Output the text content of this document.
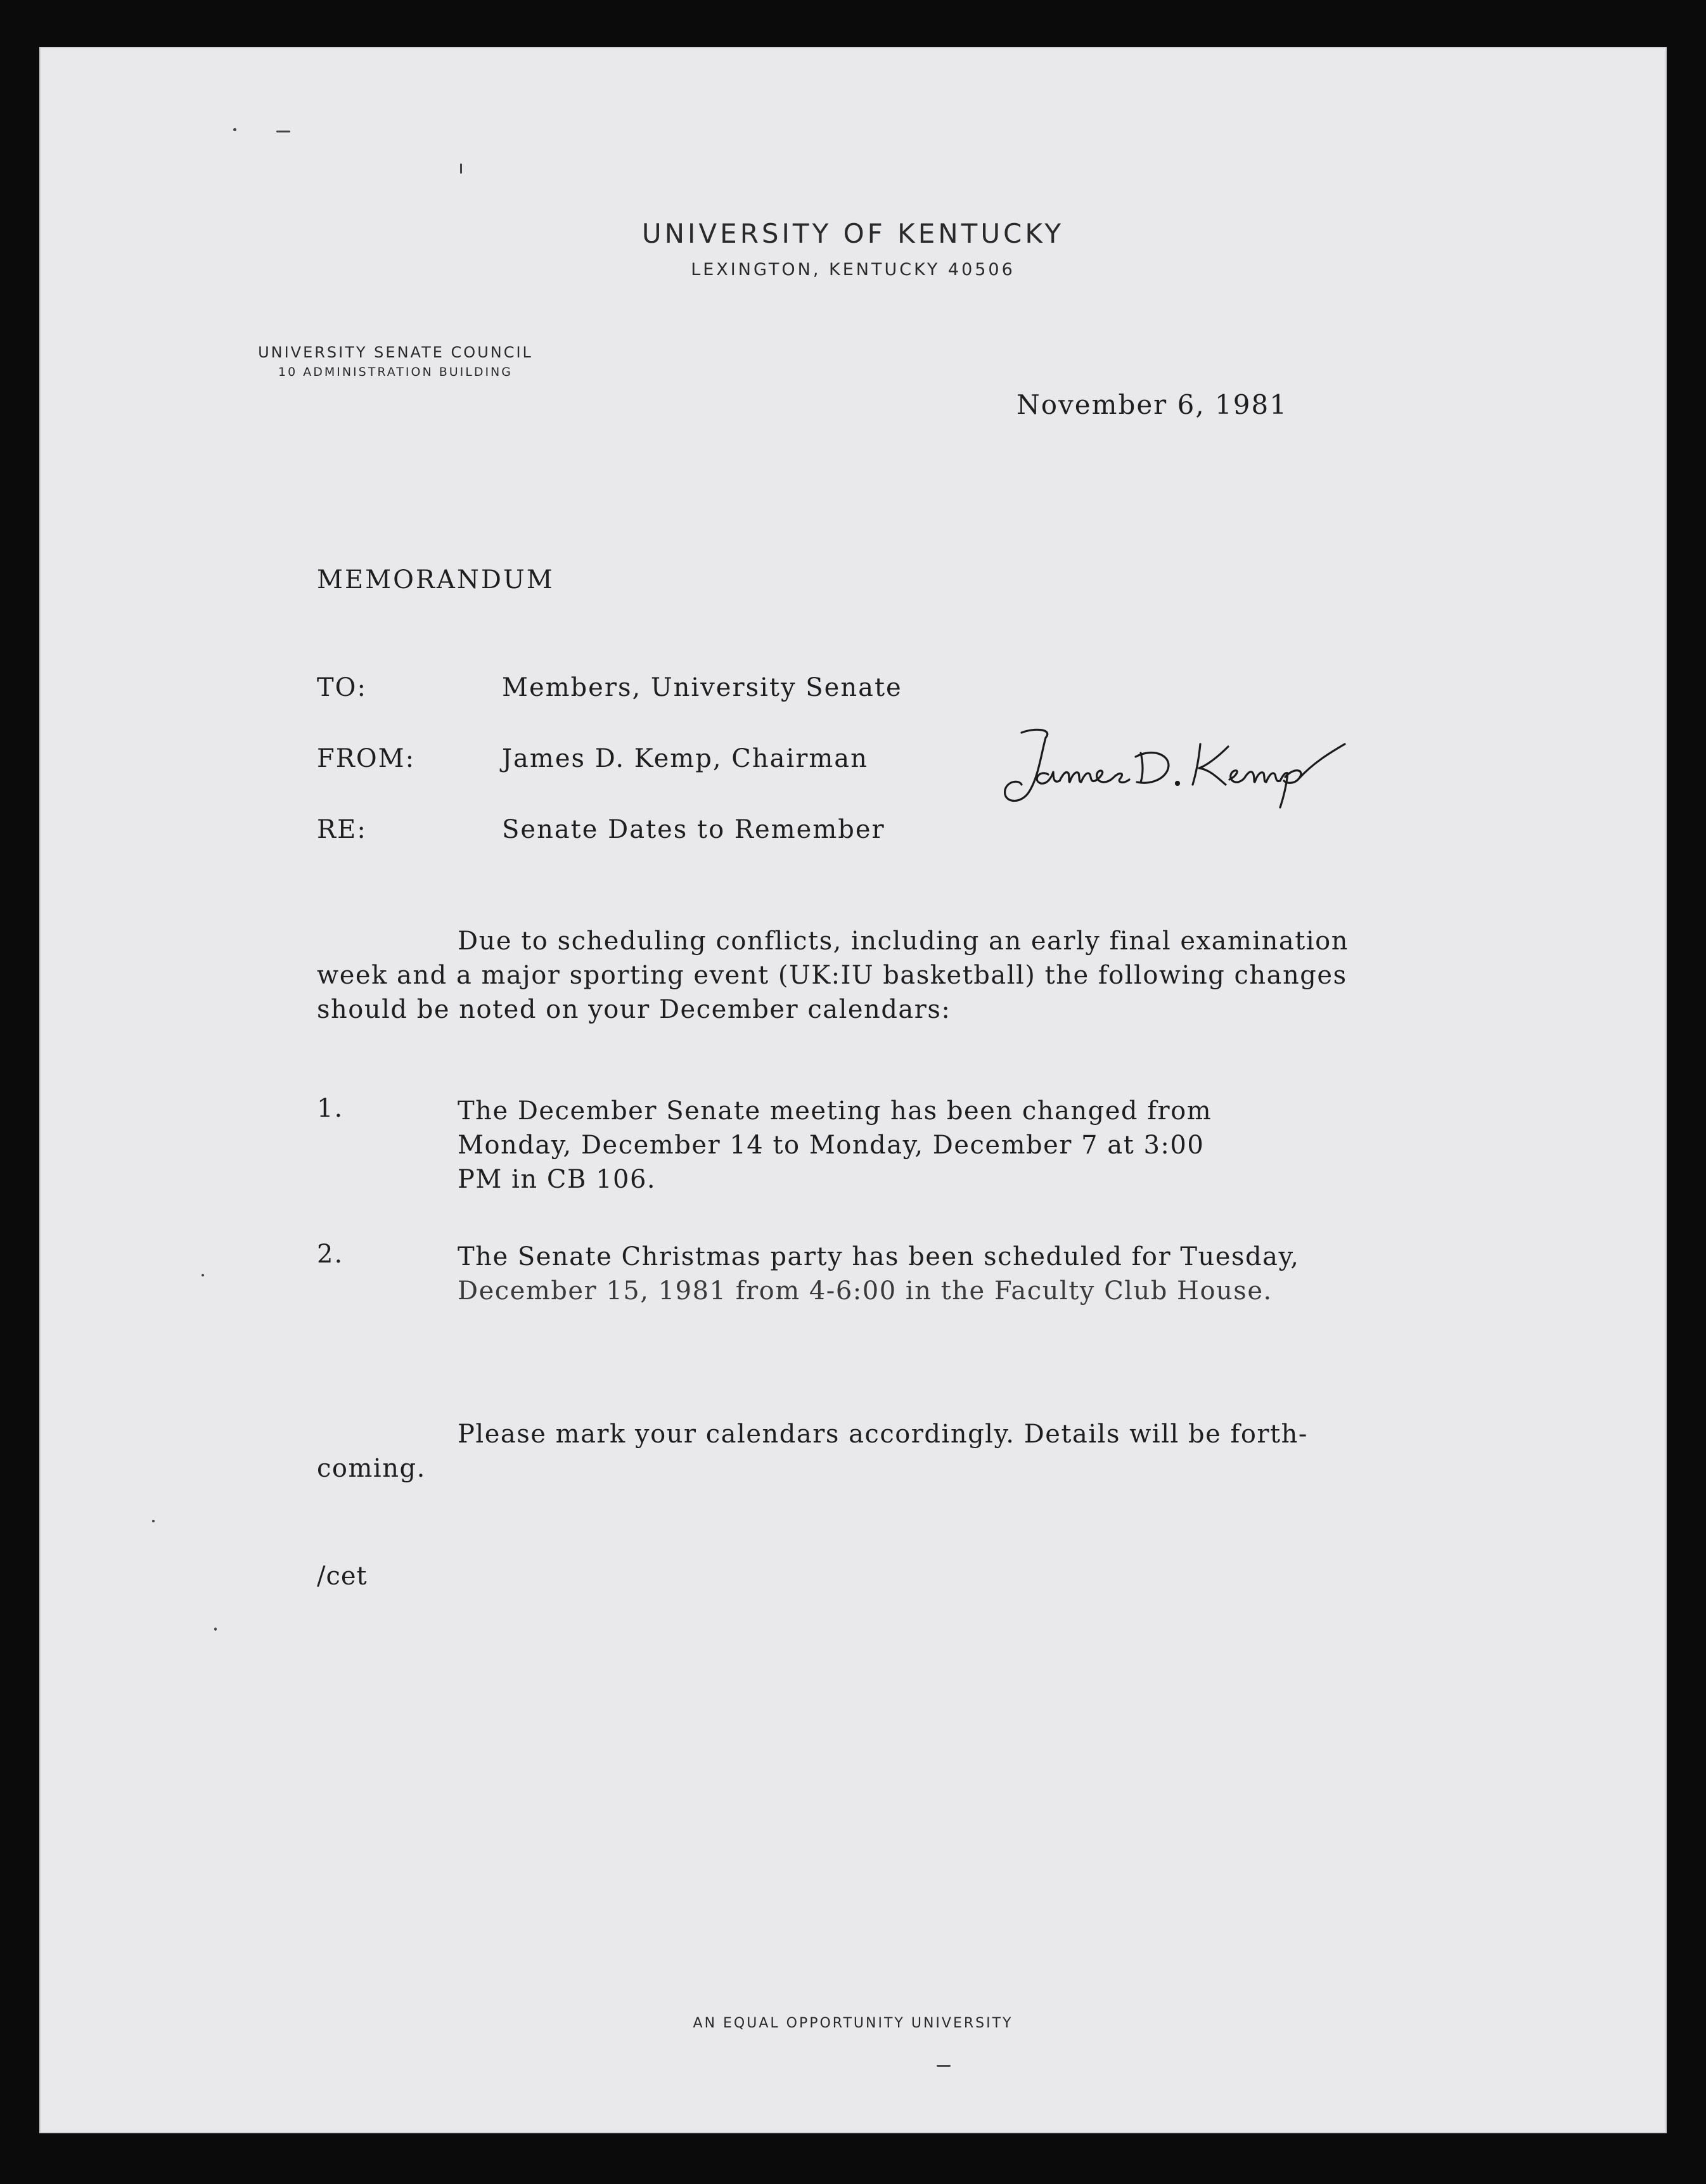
UNIVERSITY OF KENTUCKY
LEXINGTON, KENTUCKY 40506
UNIVERSITY SENATE COUNCIL
10 ADMINISTRATION BUILDING
November 6, 1981
MEMORANDUM
TO:	Members, University Senate
FROM:	James D. Kemp, Chairman
RE:	Senate Dates to Remember
Due to scheduling conflicts, including an early final examination
week and a major sporting event (UK:IU basketball) the following changes
should be noted on your December calendars:
1.	The December Senate meeting has been changed from
Monday, December 14 to Monday, December 7 at 3:00
PM in CB 106.
2.	The Senate Christmas party has been scheduled for Tuesday,
December 15, 1981 from 4-6:00 in the Faculty Club House.
Please mark your calendars accordingly. Details will be forth-
coming.
/cet
AN EQUAL OPPORTUNITY UNIVERSITY
